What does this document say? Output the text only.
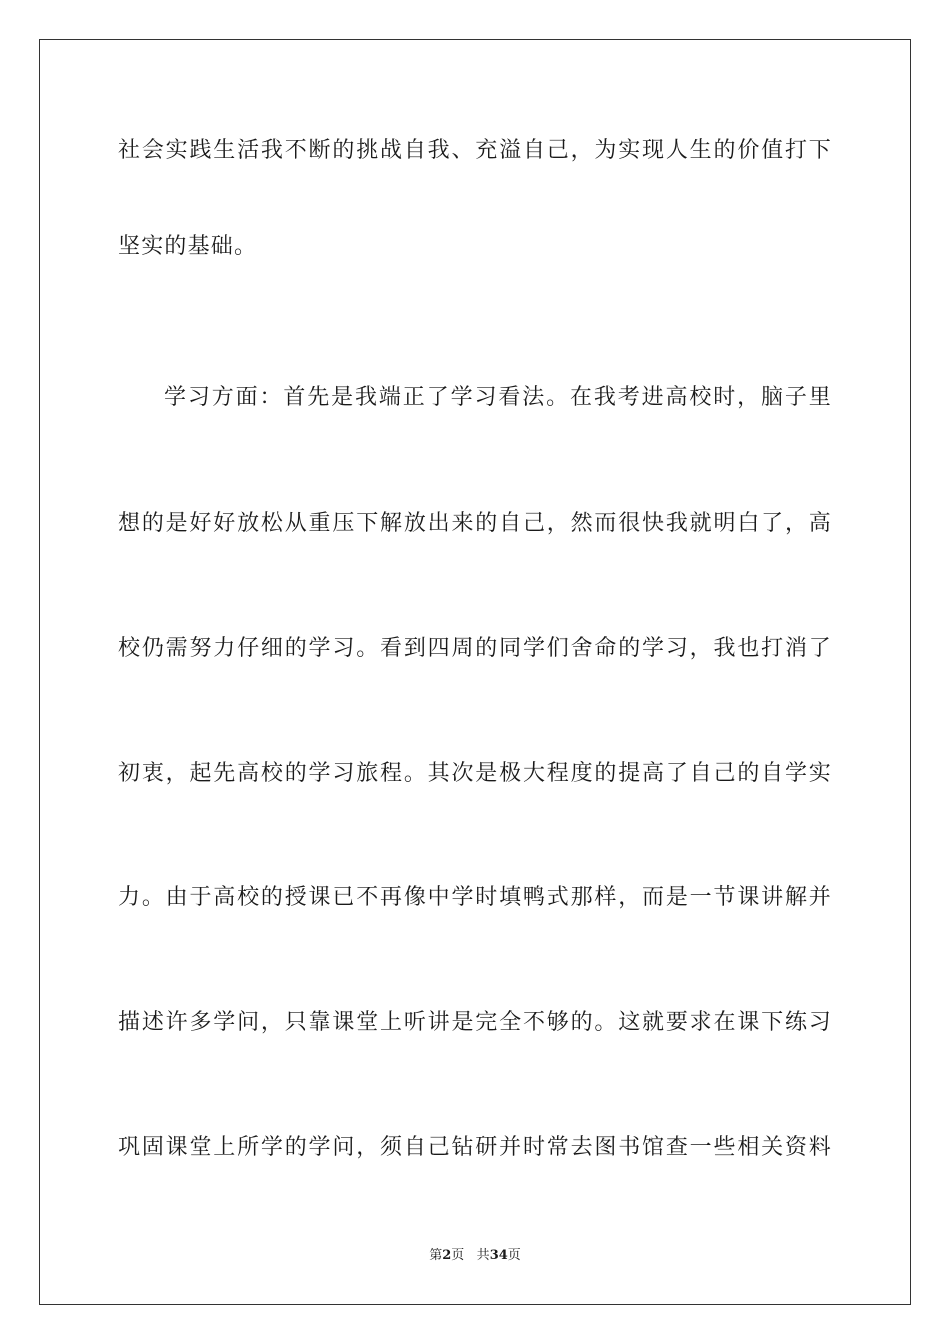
社会实践生活我不断的挑战自我、充溢自己，为实现人生的价值打下
坚实的基础。
学习方面：首先是我端正了学习看法。在我考进高校时，脑子里
想的是好好放松从重压下解放出来的自己，然而很快我就明白了，高
校仍需努力仔细的学习。看到四周的同学们舍命的学习，我也打消了
初衷，起先高校的学习旅程。其次是极大程度的提高了自己的自学实
力。由于高校的授课已不再像中学时填鸭式那样，而是一节课讲解并
描述许多学问，只靠课堂上听讲是完全不够的。这就要求在课下练习
巩固课堂上所学的学问，须自己钻研并时常去图书馆查一些相关资料
第2页 共34页
